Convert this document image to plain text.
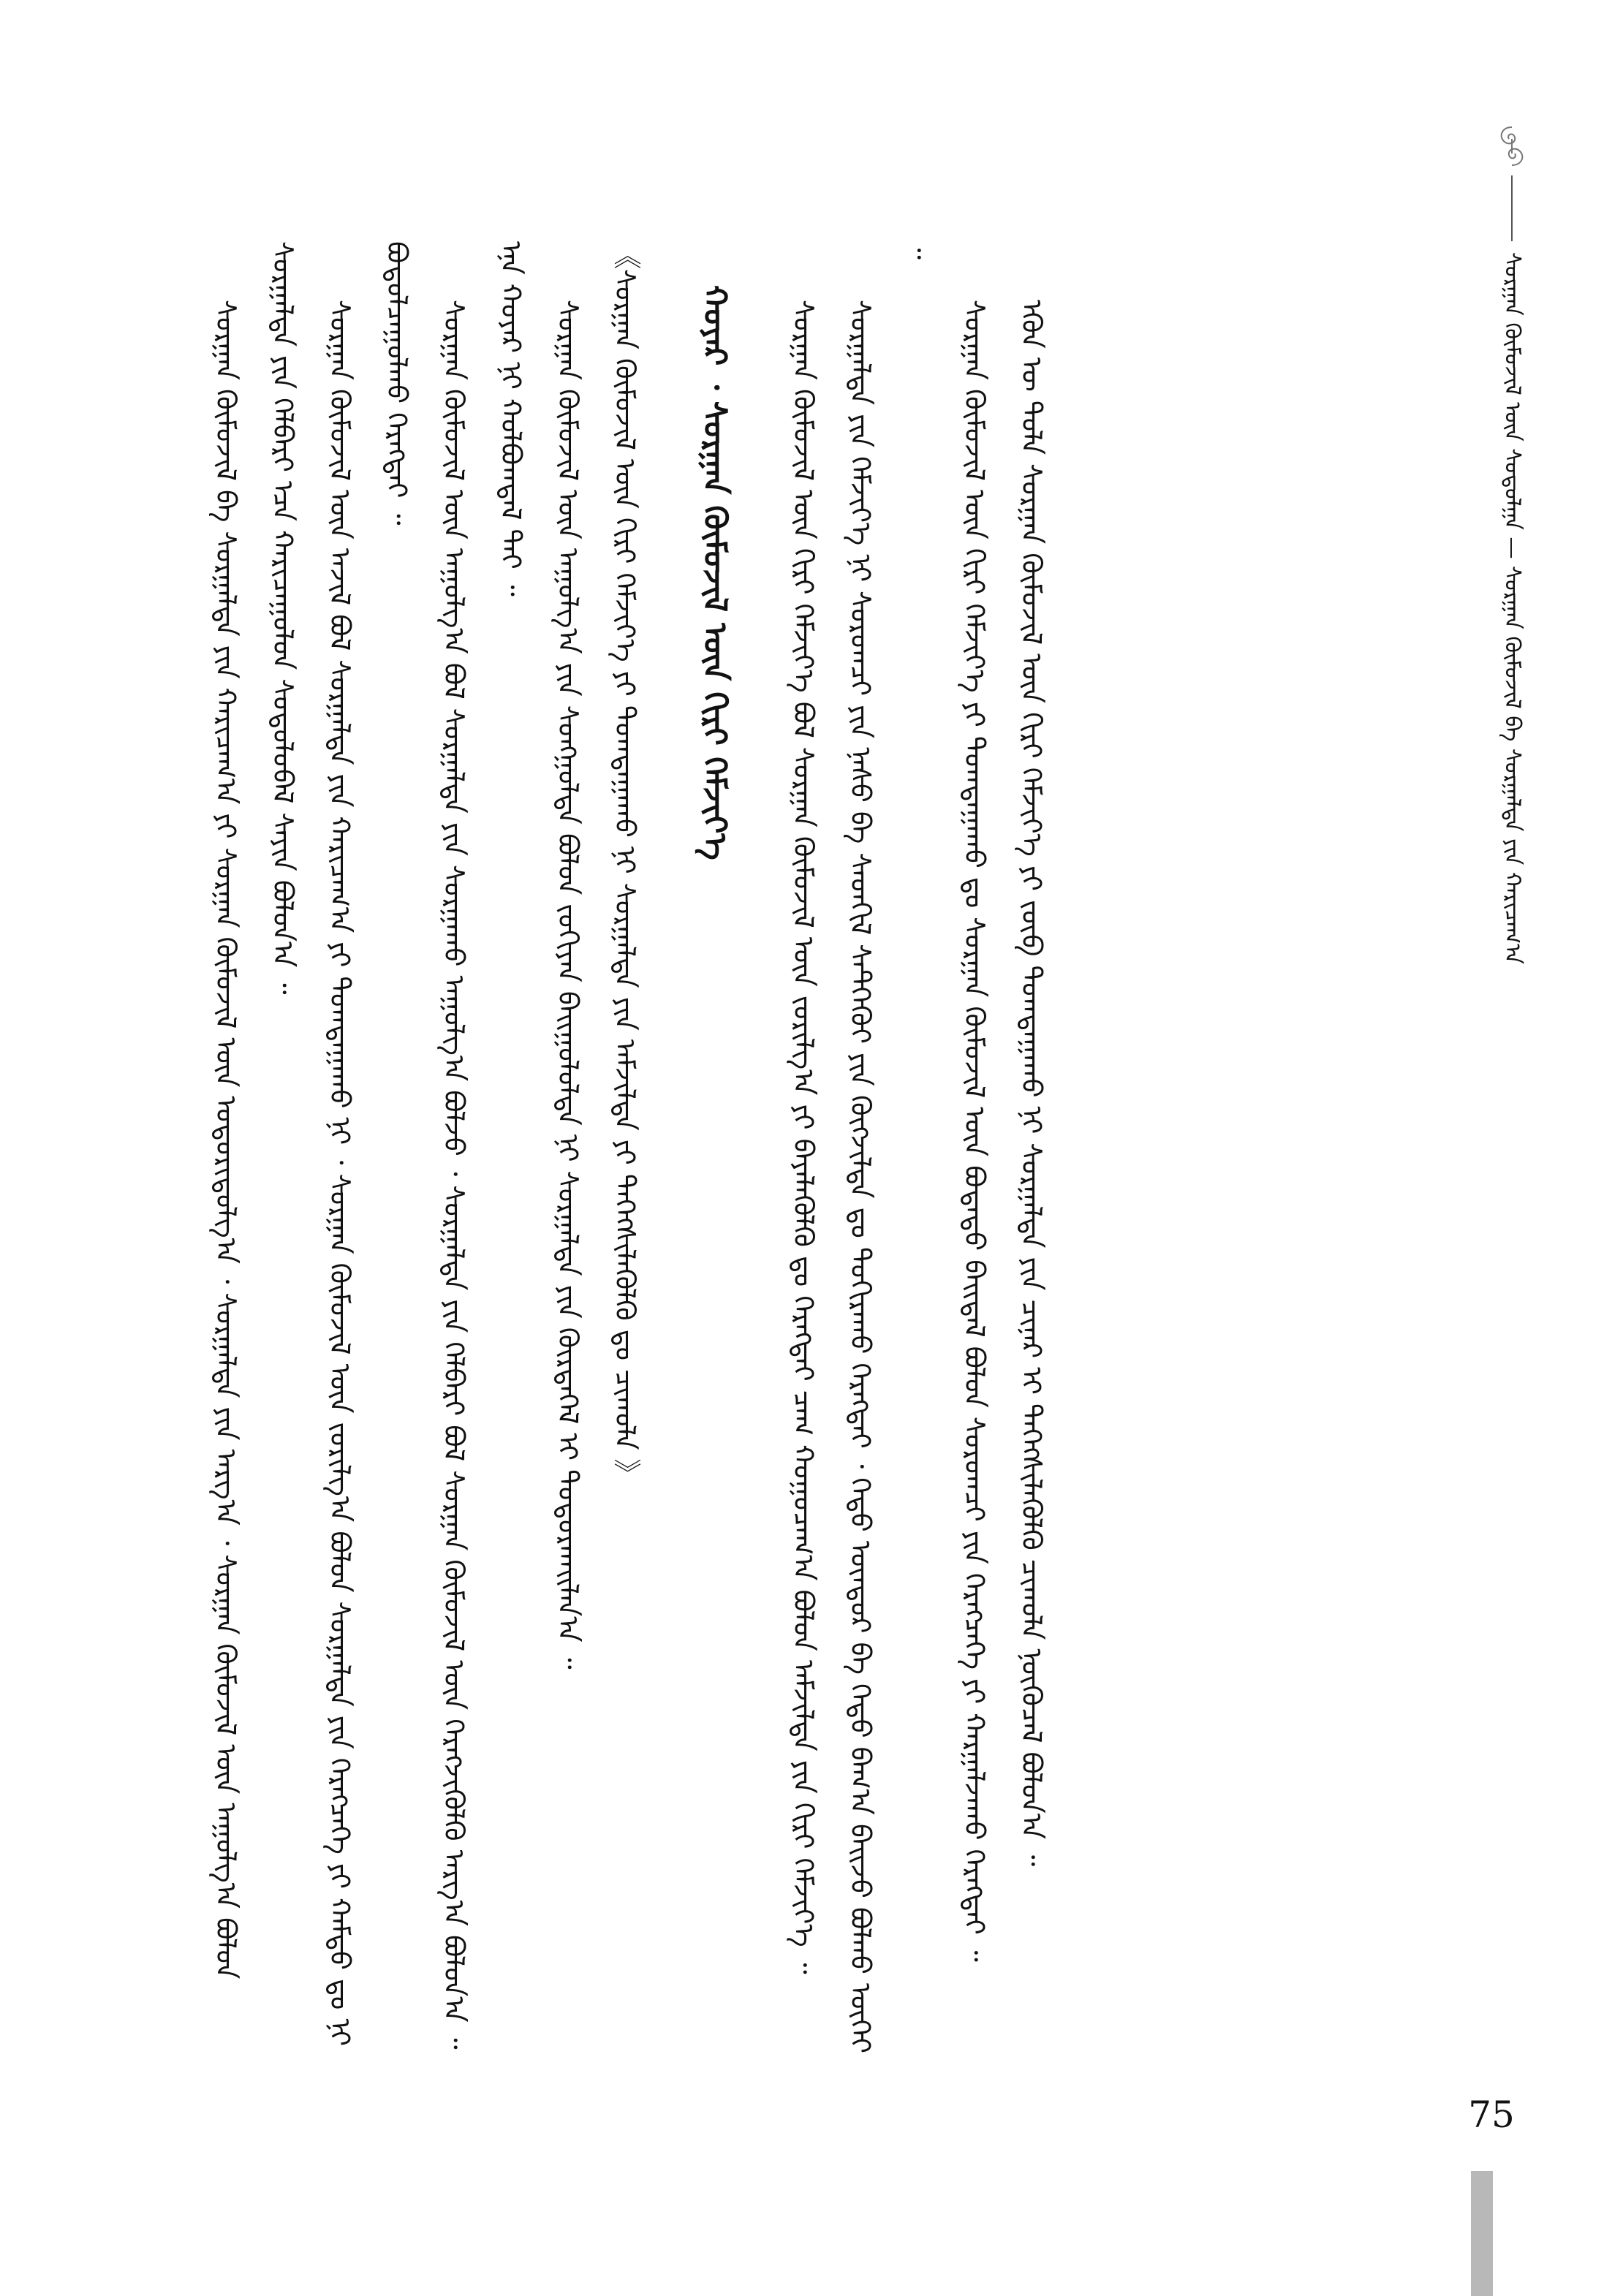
ᠰᠤᠷᠭᠠᠨ ᠬᠦᠮᠦᠵᠢᠯ ᠦᠨ ᠰᠤᠳᠤᠯᠭᠠ — ᠰᠤᠷᠭᠠᠨ ᠬᠦᠮᠦᠵᠢᠯ ᠪᠠ ᠰᠤᠷᠭᠠᠯᠲᠠ ᠶᠢᠨ ᠬᠠᠷᠢᠴᠠᠭ᠎ᠠ

ᠰᠤᠷᠭᠠᠨ ᠬᠦᠮᠦᠵᠢᠯ ᠪᠠ ᠰᠤᠷᠭᠠᠯᠲᠠ ᠶᠢᠨ ᠬᠠᠷᠢᠴᠠᠭ᠎ᠠ ᠶᠢ ᠰᠤᠷᠭᠠᠨ ᠬᠦᠮᠦᠵᠢᠯ ᠦᠨ ᠤᠳᠤᠷᠢᠳᠤᠯᠭ᠎ᠠ ᠂ ᠰᠤᠷᠭᠠᠯᠲᠠ ᠶᠢᠨ ᠠᠷᠭ᠎ᠠ ᠂ ᠰᠤᠷᠭᠠᠨ ᠬᠦᠮᠦᠵᠢᠯ ᠦᠨ ᠠᠭᠤᠯᠭ᠎ᠠ ᠪᠤᠯᠤᠨ ᠰᠤᠷᠭᠠᠯᠲᠠ ᠶᠢᠨ ᠬᠡᠯᠪᠡᠷᠢ ᠡᠴᠡ ᠬᠠᠷᠢᠴᠠᠭᠤᠯᠤᠨ ᠰᠤᠳᠤᠯᠤᠪᠠᠯ ᠰᠠᠶᠢᠨ ᠪᠣᠯᠤᠨ᠎ᠠ ᠃ ᠰᠤᠷᠭᠠᠨ ᠬᠦᠮᠦᠵᠢᠯ ᠦᠨ ᠠᠵᠢᠯ ᠪᠣᠯ ᠰᠤᠷᠭᠠᠯᠲᠠ ᠶᠢᠨ ᠬᠠᠷᠢᠴᠠᠭ᠎ᠠ ᠶᠢ ᠲᠣᠭᠲᠠᠭᠠᠬᠤ ᠨᠢ ᠂ ᠰᠤᠷᠭᠠᠨ ᠬᠦᠮᠦᠵᠢᠯ ᠦᠨ ᠵᠣᠷᠢᠯᠭ᠎ᠠ ᠪᠣᠯᠤᠨ ᠰᠤᠷᠭᠠᠯᠲᠠ ᠶᠢᠨ ᠬᠡᠷᠡᠭᠴᠡᠭᠡ ᠶᠢ ᠬᠠᠮᠲᠤ ᠳᠤ ᠨᠢ ᠪᠣᠳᠤᠯᠴᠠᠭᠤᠯᠬᠤ ᠬᠡᠷᠡᠭᠲᠡᠢ ᠃ ᠰᠤᠷᠭᠠᠨ ᠬᠦᠮᠦᠵᠢᠯ ᠦᠨ ᠠᠭᠤᠯᠭ᠎ᠠ ᠪᠣᠯ ᠰᠤᠷᠭᠠᠯᠲᠠ ᠶᠢᠨ ᠰᠤᠷᠭᠠᠬᠤ ᠠᠭᠤᠯᠭ᠎ᠠ ᠪᠣᠯᠵᠤ ᠂ ᠰᠤᠷᠭᠠᠯᠲᠠ ᠶᠢᠨ ᠬᠡᠯᠪᠡᠷᠢ ᠪᠣᠯ ᠰᠤᠷᠭᠠᠨ ᠬᠦᠮᠦᠵᠢᠯ ᠦᠨ ᠬᠡᠷᠡᠭᠵᠢᠭᠦᠯᠬᠦ ᠠᠷᠭ᠎ᠠ ᠪᠣᠯᠤᠨ᠎ᠠ ᠃ ᠡᠨᠡ ᠬᠣᠶᠠᠷ ᠨᠢ ᠬᠣᠯᠪᠣᠭᠳᠠᠯ ᠲᠠᠢ ᠃ ᠰᠤᠷᠭᠠᠨ ᠬᠦᠮᠦᠵᠢᠯ ᠦᠨ ᠠᠭᠤᠯᠭ᠎ᠠ ᠶᠢᠨ ᠰᠣᠩᠭᠤᠯᠲᠠ ᠪᠣᠯᠤᠨ ᠵᠣᠬᠢᠶᠠᠨ ᠪᠠᠢᠭᠤᠯᠤᠯᠲᠠ ᠨᠢ ᠰᠤᠷᠭᠠᠯᠲᠠ ᠶᠢᠨ ᠬᠦᠷᠲᠡᠭᠡᠯ ᠢ ᠲᠣᠳᠣᠷᠬᠠᠢᠯᠠᠨ᠎ᠠ ᠃ 《ᠰᠤᠷᠭᠠᠨ ᠬᠦᠮᠦᠵᠢᠯ ᠦᠨ ᠬᠢᠷᠢ ᠬᠡᠮᠵᠢᠶ᠎ᠡ ᠶᠢ ᠲᠣᠭᠲᠠᠭᠠᠬᠤ ᠨᠢ ᠰᠤᠷᠭᠠᠯᠲᠠ ᠶᠢᠨ ᠠᠮᠵᠢᠯᠲᠠ ᠶᠢ ᠳᠡᠭᠡᠭᠰᠢᠯᠡᠭᠦᠯᠬᠦ ᠳᠤ ᠴᠢᠬᠤᠯᠠ 》	ᠬᠣᠶᠠᠷ ᠂ ᠰᠤᠷᠭᠠᠨ ᠬᠦᠮᠦᠵᠢᠯ ᠦᠨ ᠬᠢᠷᠢ ᠬᠡᠮᠵᠢᠶ᠎ᠡ	ᠰᠤᠷᠭᠠᠨ ᠬᠦᠮᠦᠵᠢᠯ ᠦᠨ ᠬᠢᠷᠢ ᠬᠡᠮᠵᠢᠶ᠎ᠡ ᠪᠣᠯ ᠰᠤᠷᠭᠠᠨ ᠬᠦᠮᠦᠵᠢᠯ ᠦᠨ ᠵᠣᠷᠢᠯᠭ᠎ᠠ ᠶᠢ ᠪᠡᠶᠡᠯᠡᠭᠦᠯᠬᠦ ᠳᠤ ᠬᠡᠷᠡᠭᠲᠡᠢ ᠴᠠᠭ ᠬᠤᠭᠤᠴᠠᠭ᠎ᠠ ᠪᠣᠯᠤᠨ ᠠᠮᠵᠢᠯᠲᠠ ᠶᠢᠨ ᠬᠢᠷᠢ ᠬᠡᠮᠵᠢᠶ᠎ᠡ ᠃ ᠰᠤᠷᠭᠠᠯᠲᠠ ᠶᠢᠨ ᠬᠡᠮᠵᠢᠶ᠎ᠡ ᠨᠢ ᠰᠤᠷᠤᠭᠴᠢ ᠶᠢᠨ ᠨᠠᠰᠤ ᠪᠠ ᠰᠡᠳᠬᠢᠯ ᠰᠡᠲᠭᠡᠬᠦᠢ ᠶᠢᠨ ᠬᠦᠭᠵᠢᠯᠲᠡ ᠳᠤ ᠲᠣᠬᠢᠷᠠᠬᠤ ᠬᠡᠷᠡᠭᠲᠡᠢ ᠂ ᠬᠡᠲᠦ ᠥᠨᠳᠦᠷ ᠪᠠ ᠬᠡᠲᠦ ᠪᠠᠭ᠎ᠠ ᠪᠠᠢᠵᠤ ᠪᠣᠯᠬᠤ ᠦᠭᠡᠢ ᠃

ᠰᠤᠷᠭᠠᠨ ᠬᠦᠮᠦᠵᠢᠯ ᠦᠨ ᠬᠢᠷᠢ ᠬᠡᠮᠵᠢᠶ᠎ᠡ ᠶᠢ ᠲᠣᠭᠲᠠᠭᠠᠬᠤ ᠳᠤ ᠰᠤᠷᠭᠠᠨ ᠬᠦᠮᠦᠵᠢᠯ ᠦᠨ ᠪᠣᠳᠠᠲᠤ ᠪᠠᠢᠳᠠᠯ ᠪᠣᠯᠤᠨ ᠰᠤᠷᠤᠭᠴᠢ ᠶᠢᠨ ᠬᠡᠷᠡᠭᠴᠡᠭᠡ ᠶᠢ ᠬᠠᠷᠭᠠᠯᠵᠠᠬᠤ ᠬᠡᠷᠡᠭᠲᠡᠢ ᠃ ᠡᠭᠦᠨ ᠦ ᠲᠤᠯᠠ ᠰᠤᠷᠭᠠᠨ ᠬᠦᠮᠦᠵᠢᠯ ᠦᠨ ᠬᠢᠷᠢ ᠬᠡᠮᠵᠢᠶ᠎ᠡ ᠶᠢ ᠵᠥᠪ ᠲᠣᠭᠲᠠᠭᠠᠬᠤ ᠨᠢ ᠰᠤᠷᠭᠠᠯᠲᠠ ᠶᠢᠨ ᠴᠢᠨᠠᠷ ᠢ ᠳᠡᠭᠡᠭᠰᠢᠯᠡᠭᠦᠯᠬᠦ ᠴᠢᠬᠤᠯᠠ ᠨᠥᠬᠥᠴᠡᠯ ᠪᠣᠯᠤᠨ᠎ᠠ ᠃

75
